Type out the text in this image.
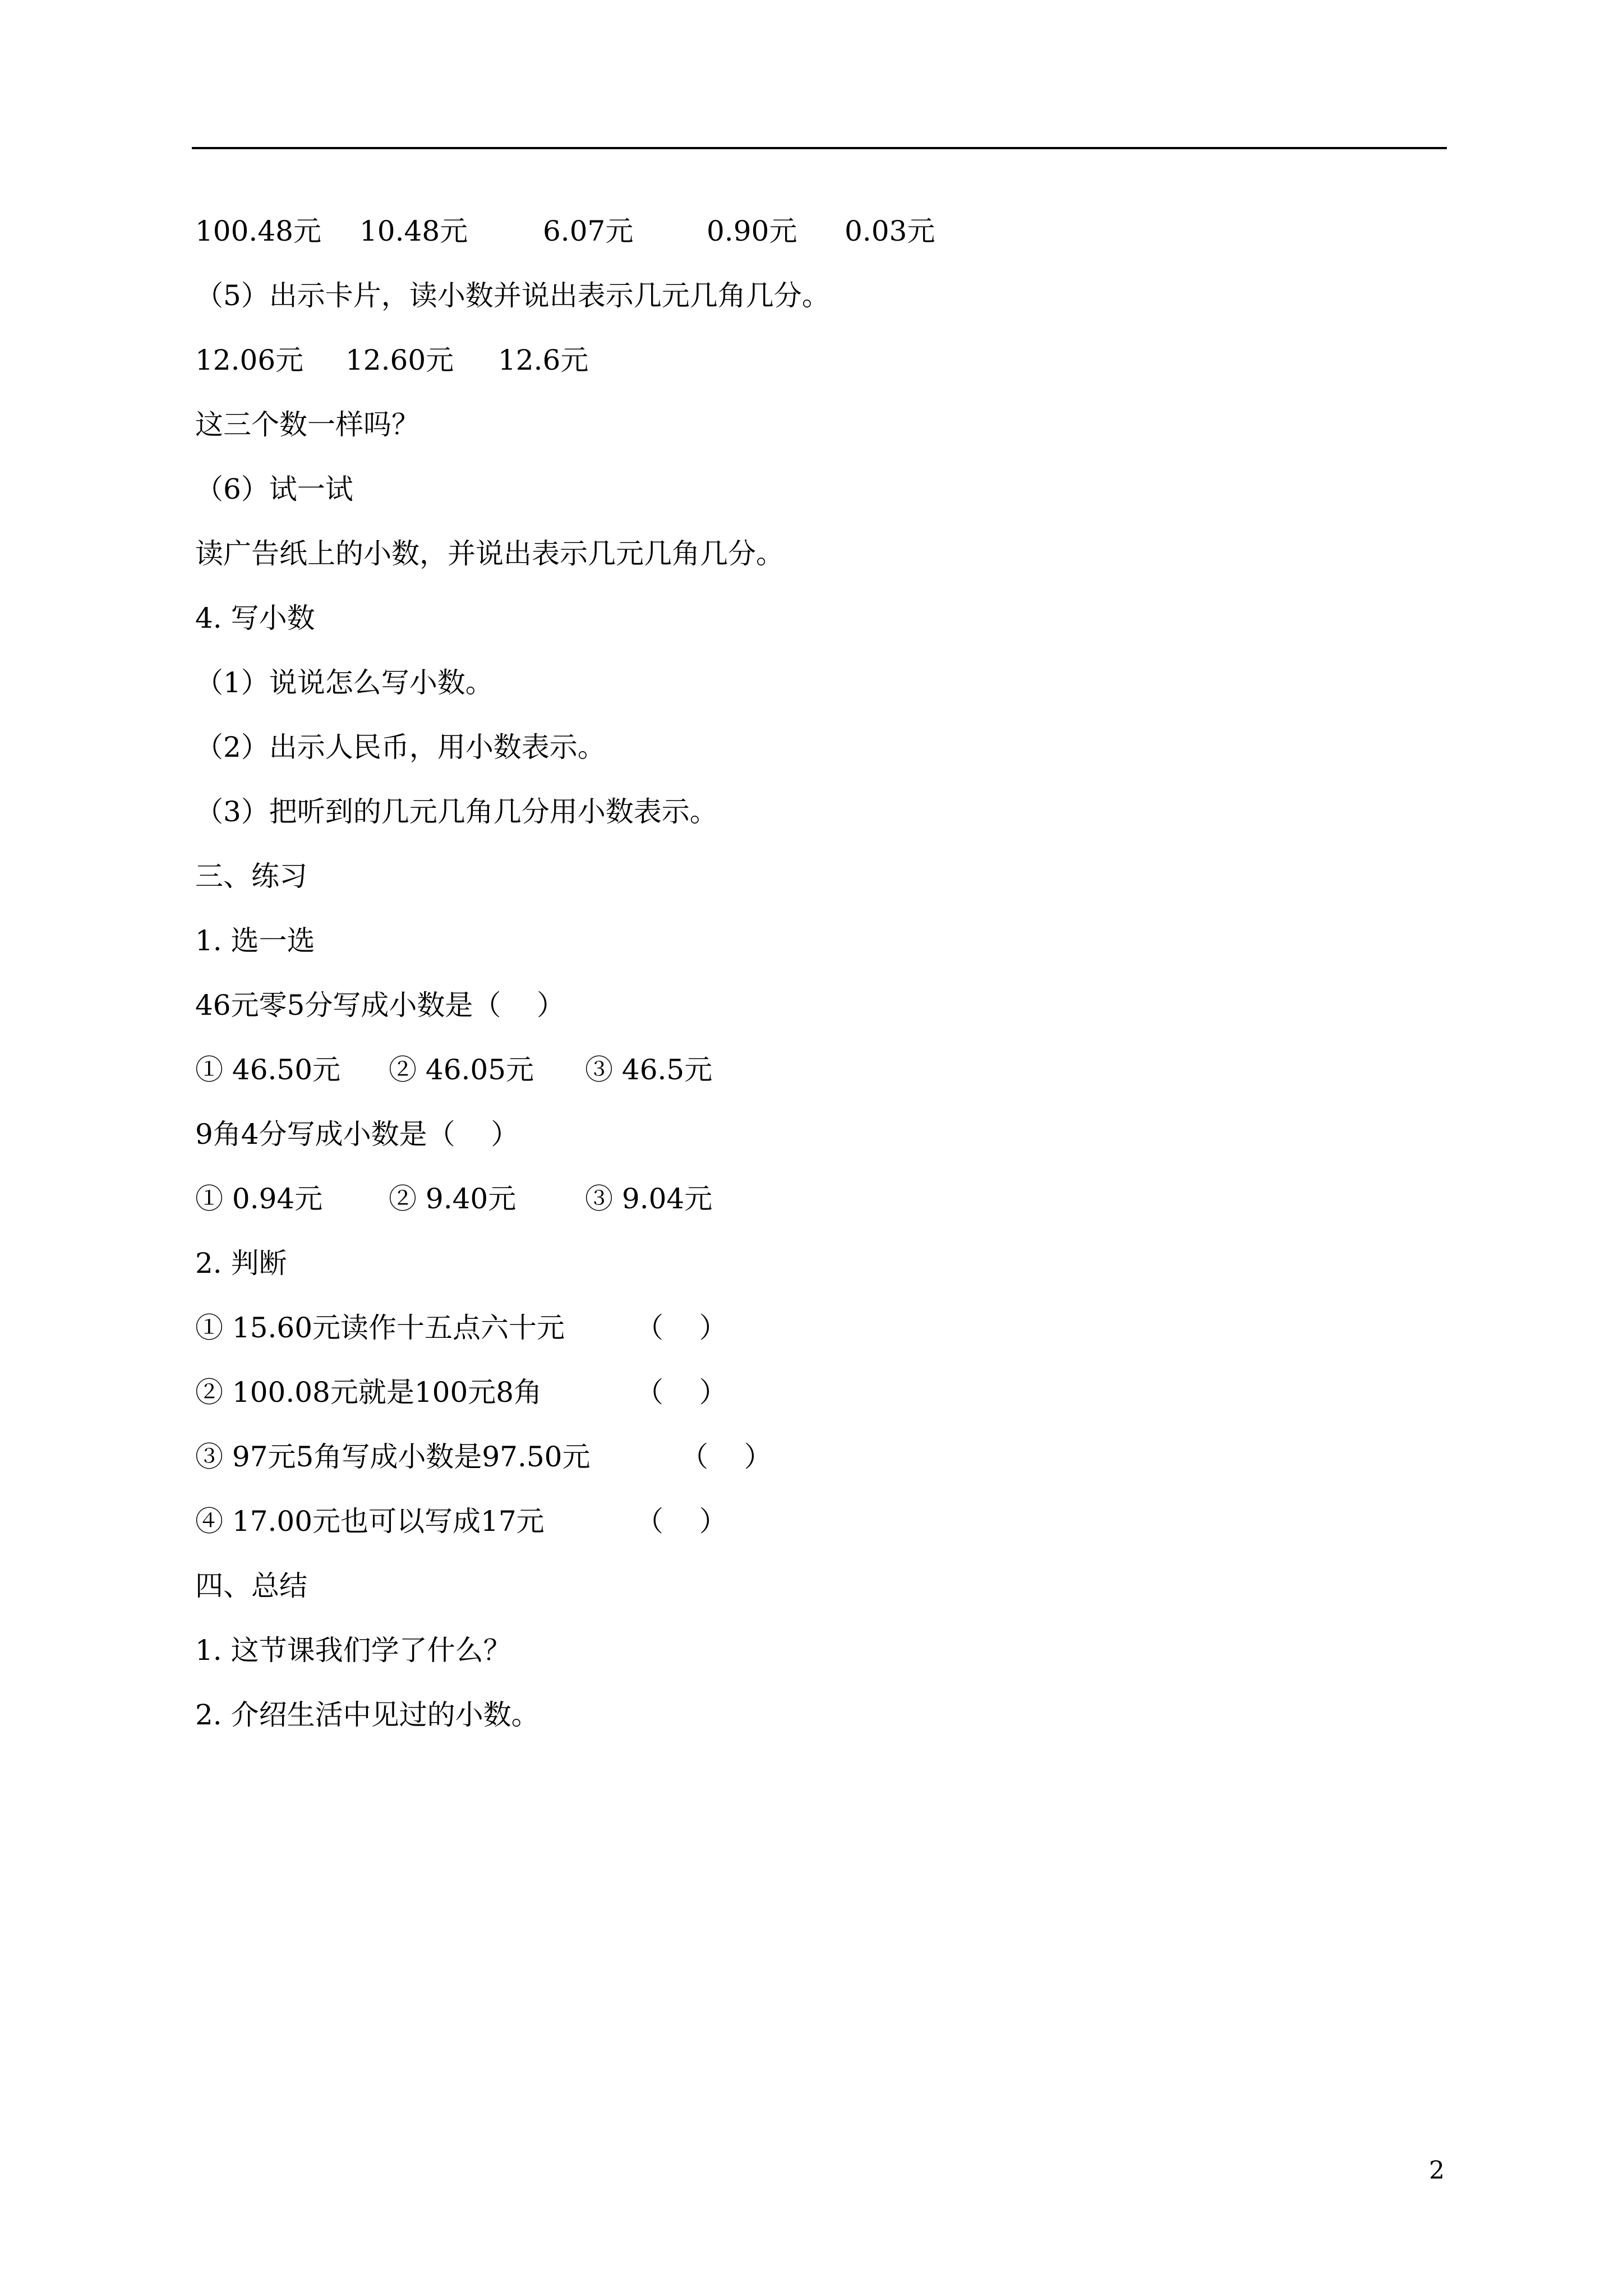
100.48元

10.48元

	6.07元

	0.90元

0.03元

（5）出示卡片，读小数并说出表示几元几角几分。

12.06元

12.60元

12.6元

这三个数一样吗？
（6）试一试
读广告纸上的小数，并说出表示几元几角几分。
4. 写小数
（1）说说怎么写小数。
（2）出示人民币，用小数表示。
（3）把听到的几元几角几分用小数表示。
三、练习
1. 选一选
46元零5分写成小数是（    ）

① 46.50元

② 46.05元

③ 46.5元

9角4分写成小数是（    ）

① 0.94元

② 9.40元

③ 9.04元

2. 判断

① 15.60元读作十五点六十元

	（    ）

② 100.08元就是100元8角

	（    ）

③ 97元5角写成小数是97.50元

	（    ）

④ 17.00元也可以写成17元

	（    ）

四、总结
1. 这节课我们学了什么？
2. 介绍生活中见过的小数。
2
